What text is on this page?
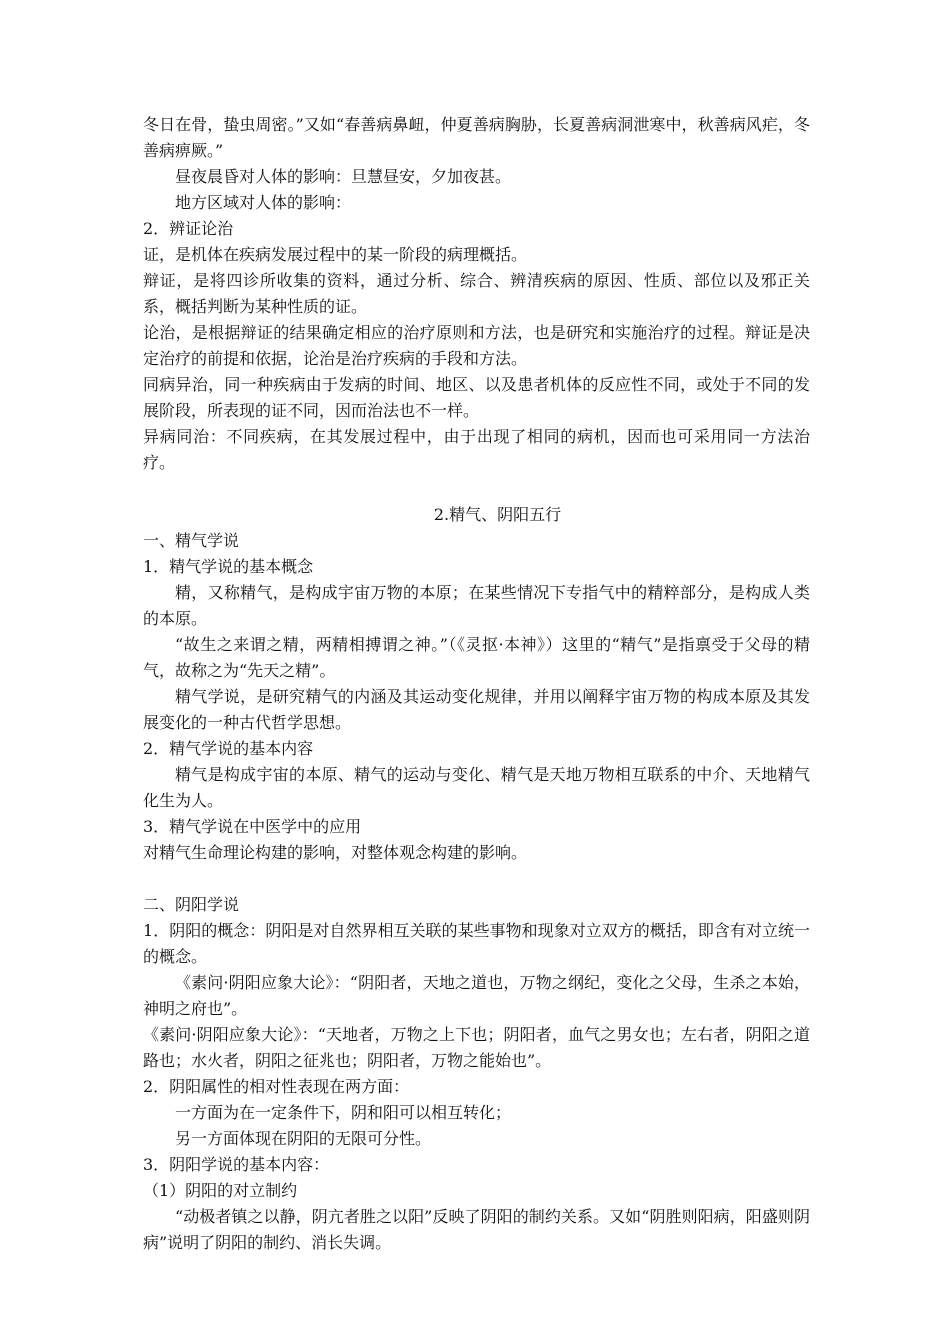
冬日在骨，蛰虫周密。”又如“春善病鼻衄，仲夏善病胸胁，长夏善病洞泄寒中，秋善病风疟，冬善病痹厥。”

昼夜晨昏对人体的影响：旦慧昼安，夕加夜甚。

地方区域对人体的影响：

2．辨证论治

证，是机体在疾病发展过程中的某一阶段的病理概括。

辩证，是将四诊所收集的资料，通过分析、综合、辨清疾病的原因、性质、部位以及邪正关系，概括判断为某种性质的证。

论治，是根据辩证的结果确定相应的治疗原则和方法，也是研究和实施治疗的过程。辩证是决定治疗的前提和依据，论治是治疗疾病的手段和方法。

同病异治，同一种疾病由于发病的时间、地区、以及患者机体的反应性不同，或处于不同的发展阶段，所表现的证不同，因而治法也不一样。

异病同治：不同疾病，在其发展过程中，由于出现了相同的病机，因而也可采用同一方法治疗。

2.精气、阴阳五行

一、精气学说

1．精气学说的基本概念

精，又称精气，是构成宇宙万物的本原；在某些情况下专指气中的精粹部分，是构成人类的本原。

“故生之来谓之精，两精相搏谓之神。”（《灵抠·本神》）这里的“精气”是指禀受于父母的精气，故称之为“先天之精”。

精气学说，是研究精气的内涵及其运动变化规律，并用以阐释宇宙万物的构成本原及其发展变化的一种古代哲学思想。

2．精气学说的基本内容

精气是构成宇宙的本原、精气的运动与变化、精气是天地万物相互联系的中介、天地精气化生为人。

3．精气学说在中医学中的应用

对精气生命理论构建的影响，对整体观念构建的影响。

二、阴阳学说

1．阴阳的概念：阴阳是对自然界相互关联的某些事物和现象对立双方的概括，即含有对立统一的概念。

《素问·阴阳应象大论》：“阴阳者，天地之道也，万物之纲纪，变化之父母，生杀之本始，神明之府也”。

《素问·阴阳应象大论》：“天地者，万物之上下也；阴阳者，血气之男女也；左右者，阴阳之道路也；水火者，阴阳之征兆也；阴阳者，万物之能始也”。

2．阴阳属性的相对性表现在两方面：

一方面为在一定条件下，阴和阳可以相互转化；

另一方面体现在阴阳的无限可分性。

3．阴阳学说的基本内容：

（1）阴阳的对立制约

“动极者镇之以静，阴亢者胜之以阳”反映了阴阳的制约关系。又如“阴胜则阳病，阳盛则阴病”说明了阴阳的制约、消长失调。
